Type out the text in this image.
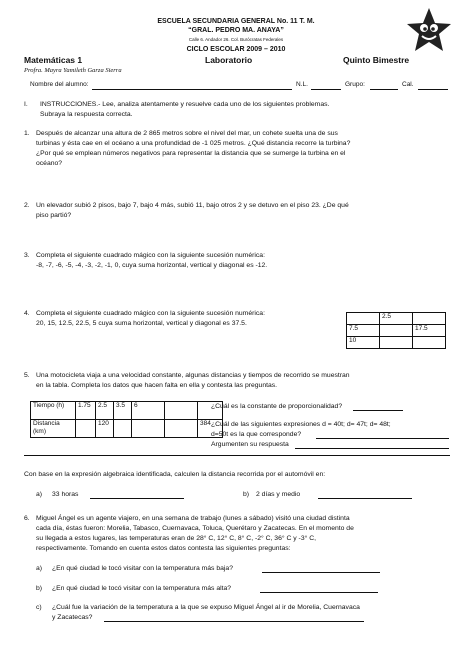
ESCUELA SECUNDARIA GENERAL No. 11 T. M.
“GRAL. PEDRO MA. ANAYA”
Calle 6. Andador 26. Col. Burócratas Federales
CICLO ESCOLAR 2009 – 2010
Matemáticas 1	Laboratorio	Quinto Bimestre
Profra. Mayra Yamileth Garza Sierra
Nombre del alumno:	N.L.	Grupo:	Cal.
I. INSTRUCCIONES.- Lee, analiza atentamente y resuelve cada uno de los siguientes problemas.
Subraya la respuesta correcta.
1. Después de alcanzar una altura de 2 865 metros sobre el nivel del mar, un cohete suelta una de sus
turbinas y ésta cae en el océano a una profundidad de -1 025 metros. ¿Qué distancia recorre la turbina?
¿Por qué se emplean números negativos para representar la distancia que se sumerge la turbina en el
océano?
2. Un elevador subió 2 pisos, bajo 7, bajo 4 más, subió 11, bajo otros 2 y se detuvo en el piso 23. ¿De qué
piso partió?
3. Completa el siguiente cuadrado mágico con la siguiente sucesión numérica:
-8, -7, -6, -5, -4, -3, -2, -1, 0, cuya suma horizontal, vertical y diagonal es -12.
4. Completa el siguiente cuadrado mágico con la siguiente sucesión numérica:
20, 15, 12.5, 22.5, 5 cuya suma horizontal, vertical y diagonal es 37.5.
	2.5	
7.5		17.5
10		
5. Una motocicleta viaja a una velocidad constante, algunas distancias y tiempos de recorrido se muestran
en la tabla. Completa los datos que hacen falta en ella y contesta las preguntas.
Tiempo (h)	1.75	2.5	3.5	6		
Distancia (km)		120				384
¿Cuál es la constante de proporcionalidad?
¿Cuál de las siguientes expresiones d = 40t; d= 47t; d= 48t;
d=50t es la que corresponde?
Argumenten su respuesta
Con base en la expresión algebraica identificada, calculen la distancia recorrida por el automóvil en:
a) 33 horas	b) 2 días y medio
6. Miguel Ángel es un agente viajero, en una semana de trabajo (lunes a sábado) visitó una ciudad distinta
cada día, éstas fueron: Morelia, Tabasco, Cuernavaca, Toluca, Querétaro y Zacatecas. En el momento de
su llegada a estos lugares, las temperaturas eran de 28° C, 12° C, 8° C, -2° C, 36° C y -3° C,
respectivamente. Tomando en cuenta estos datos contesta las siguientes preguntas:
a) ¿En qué ciudad le tocó visitar con la temperatura más baja?
b) ¿En qué ciudad le tocó visitar con la temperatura más alta?
c) ¿Cuál fue la variación de la temperatura a la que se expuso Miguel Ángel al ir de Morelia, Cuernavaca
y Zacatecas?
